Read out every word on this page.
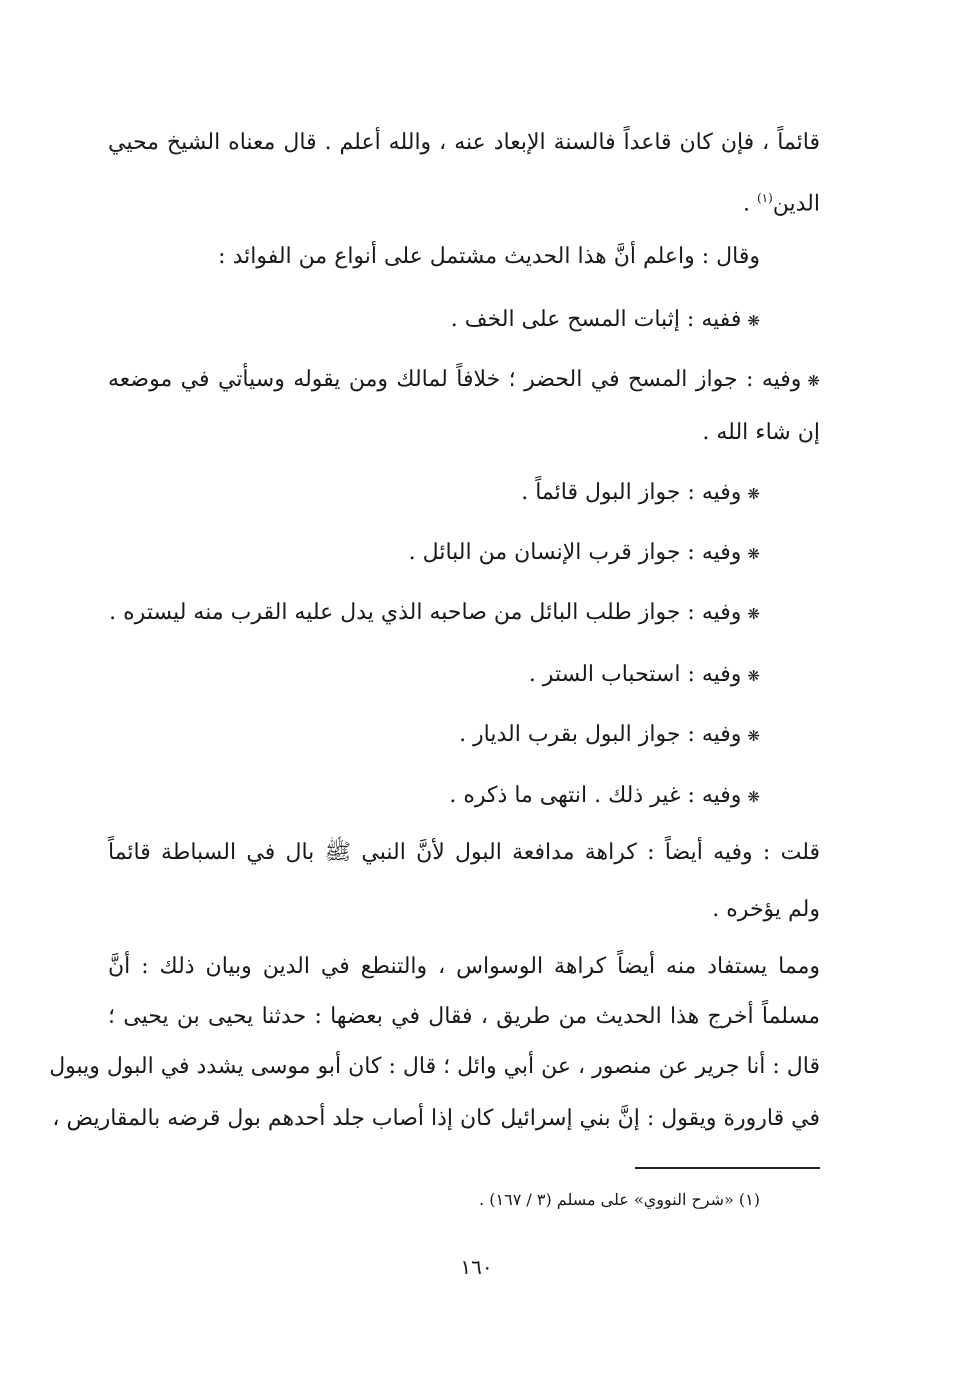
قائماً ، فإن كان قاعداً فالسنة الإبعاد عنه ، والله أعلم . قال معناه الشيخ محيي
الدين$^{(١)}$ .
وقال : واعلم أنَّ هذا الحديث مشتمل على أنواع من الفوائد :
❋ففيه : إثبات المسح على الخف .
❋وفيه : جواز المسح في الحضر ؛ خلافاً لمالك ومن يقوله وسيأتي في موضعه
إن شاء الله .
❋وفيه : جواز البول قائماً .
❋وفيه : جواز قرب الإنسان من البائل .
❋وفيه : جواز طلب البائل من صاحبه الذي يدل عليه القرب منه ليستره .
❋وفيه : استحباب الستر .
❋وفيه : جواز البول بقرب الديار .
❋وفيه : غير ذلك . انتهى ما ذكره .
قلت : وفيه أيضاً : كراهة مدافعة البول لأنَّ النبي ﷺ بال في السباطة قائماً
ولم يؤخره .
ومما يستفاد منه أيضاً كراهة الوسواس ، والتنطع في الدين وبيان ذلك : أنَّ
مسلماً أخرج هذا الحديث من طريق ، فقال في بعضها : حدثنا يحيى بن يحيى ؛
قال : أنا جرير عن منصور ، عن أبي وائل ؛ قال : كان أبو موسى يشدد في البول ويبول
في قارورة ويقول : إنَّ بني إسرائيل كان إذا أصاب جلد أحدهم بول قرضه بالمقاريض ،
(١) «شرح النووي» على مسلم (٣ / ١٦٧) .
١٦٠
